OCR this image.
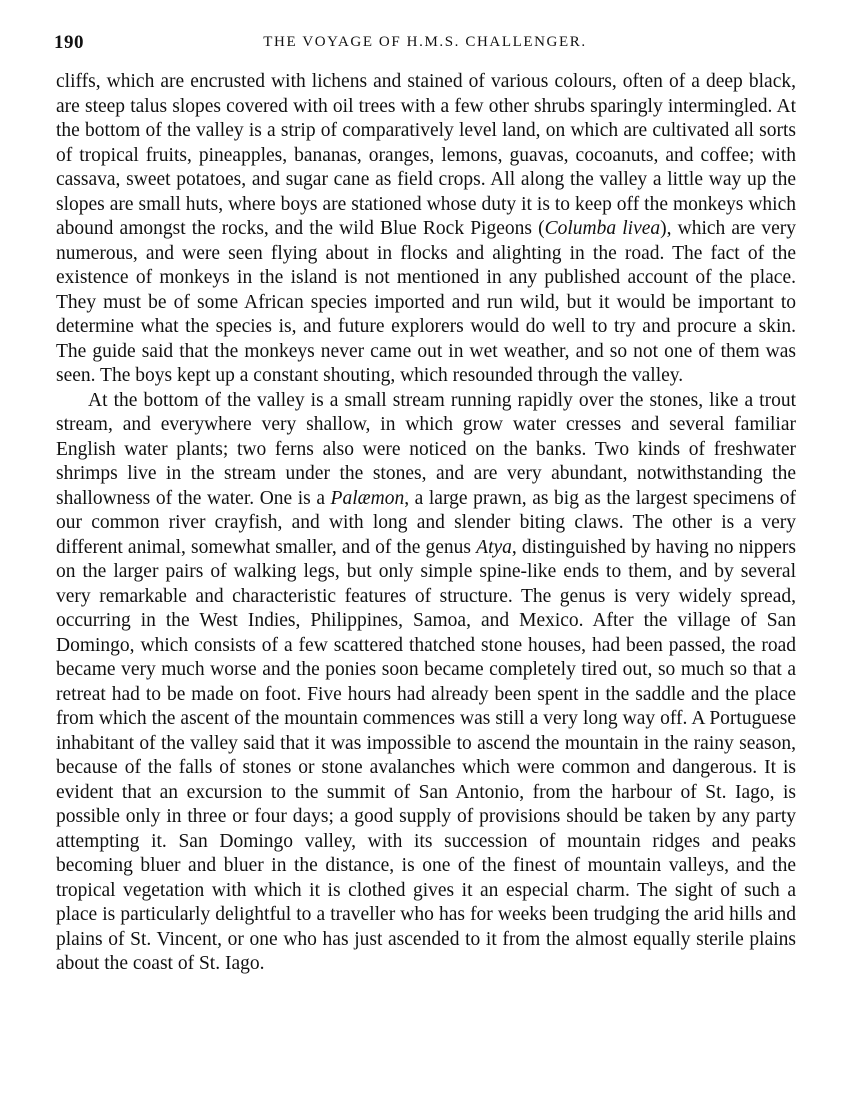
190	THE VOYAGE OF H.M.S. CHALLENGER.

cliffs, which are encrusted with lichens and stained of various colours, often of a deep black, are steep talus slopes covered with oil trees with a few other shrubs sparingly intermingled. At the bottom of the valley is a strip of comparatively level land, on which are cultivated all sorts of tropical fruits, pineapples, bananas, oranges, lemons, guavas, cocoanuts, and coffee; with cassava, sweet potatoes, and sugar cane as field crops. All along the valley a little way up the slopes are small huts, where boys are stationed whose duty it is to keep off the monkeys which abound amongst the rocks, and the wild Blue Rock Pigeons (Columba livea), which are very numerous, and were seen flying about in flocks and alighting in the road. The fact of the existence of monkeys in the island is not mentioned in any published account of the place. They must be of some African species imported and run wild, but it would be important to determine what the species is, and future explorers would do well to try and procure a skin. The guide said that the monkeys never came out in wet weather, and so not one of them was seen. The boys kept up a constant shouting, which resounded through the valley.

At the bottom of the valley is a small stream running rapidly over the stones, like a trout stream, and everywhere very shallow, in which grow water cresses and several familiar English water plants; two ferns also were noticed on the banks. Two kinds of freshwater shrimps live in the stream under the stones, and are very abundant, notwithstanding the shallowness of the water. One is a Palæmon, a large prawn, as big as the largest specimens of our common river crayfish, and with long and slender biting claws. The other is a very different animal, somewhat smaller, and of the genus Atya, distinguished by having no nippers on the larger pairs of walking legs, but only simple spine-like ends to them, and by several very remarkable and characteristic features of structure. The genus is very widely spread, occurring in the West Indies, Philippines, Samoa, and Mexico. After the village of San Domingo, which consists of a few scattered thatched stone houses, had been passed, the road became very much worse and the ponies soon became completely tired out, so much so that a retreat had to be made on foot. Five hours had already been spent in the saddle and the place from which the ascent of the mountain commences was still a very long way off. A Portuguese inhabitant of the valley said that it was impossible to ascend the mountain in the rainy season, because of the falls of stones or stone avalanches which were common and dangerous. It is evident that an excursion to the summit of San Antonio, from the harbour of St. Iago, is possible only in three or four days; a good supply of provisions should be taken by any party attempting it. San Domingo valley, with its succession of mountain ridges and peaks becoming bluer and bluer in the distance, is one of the finest of mountain valleys, and the tropical vegetation with which it is clothed gives it an especial charm. The sight of such a place is particularly delightful to a traveller who has for weeks been trudging the arid hills and plains of St. Vincent, or one who has just ascended to it from the almost equally sterile plains about the coast of St. Iago.
